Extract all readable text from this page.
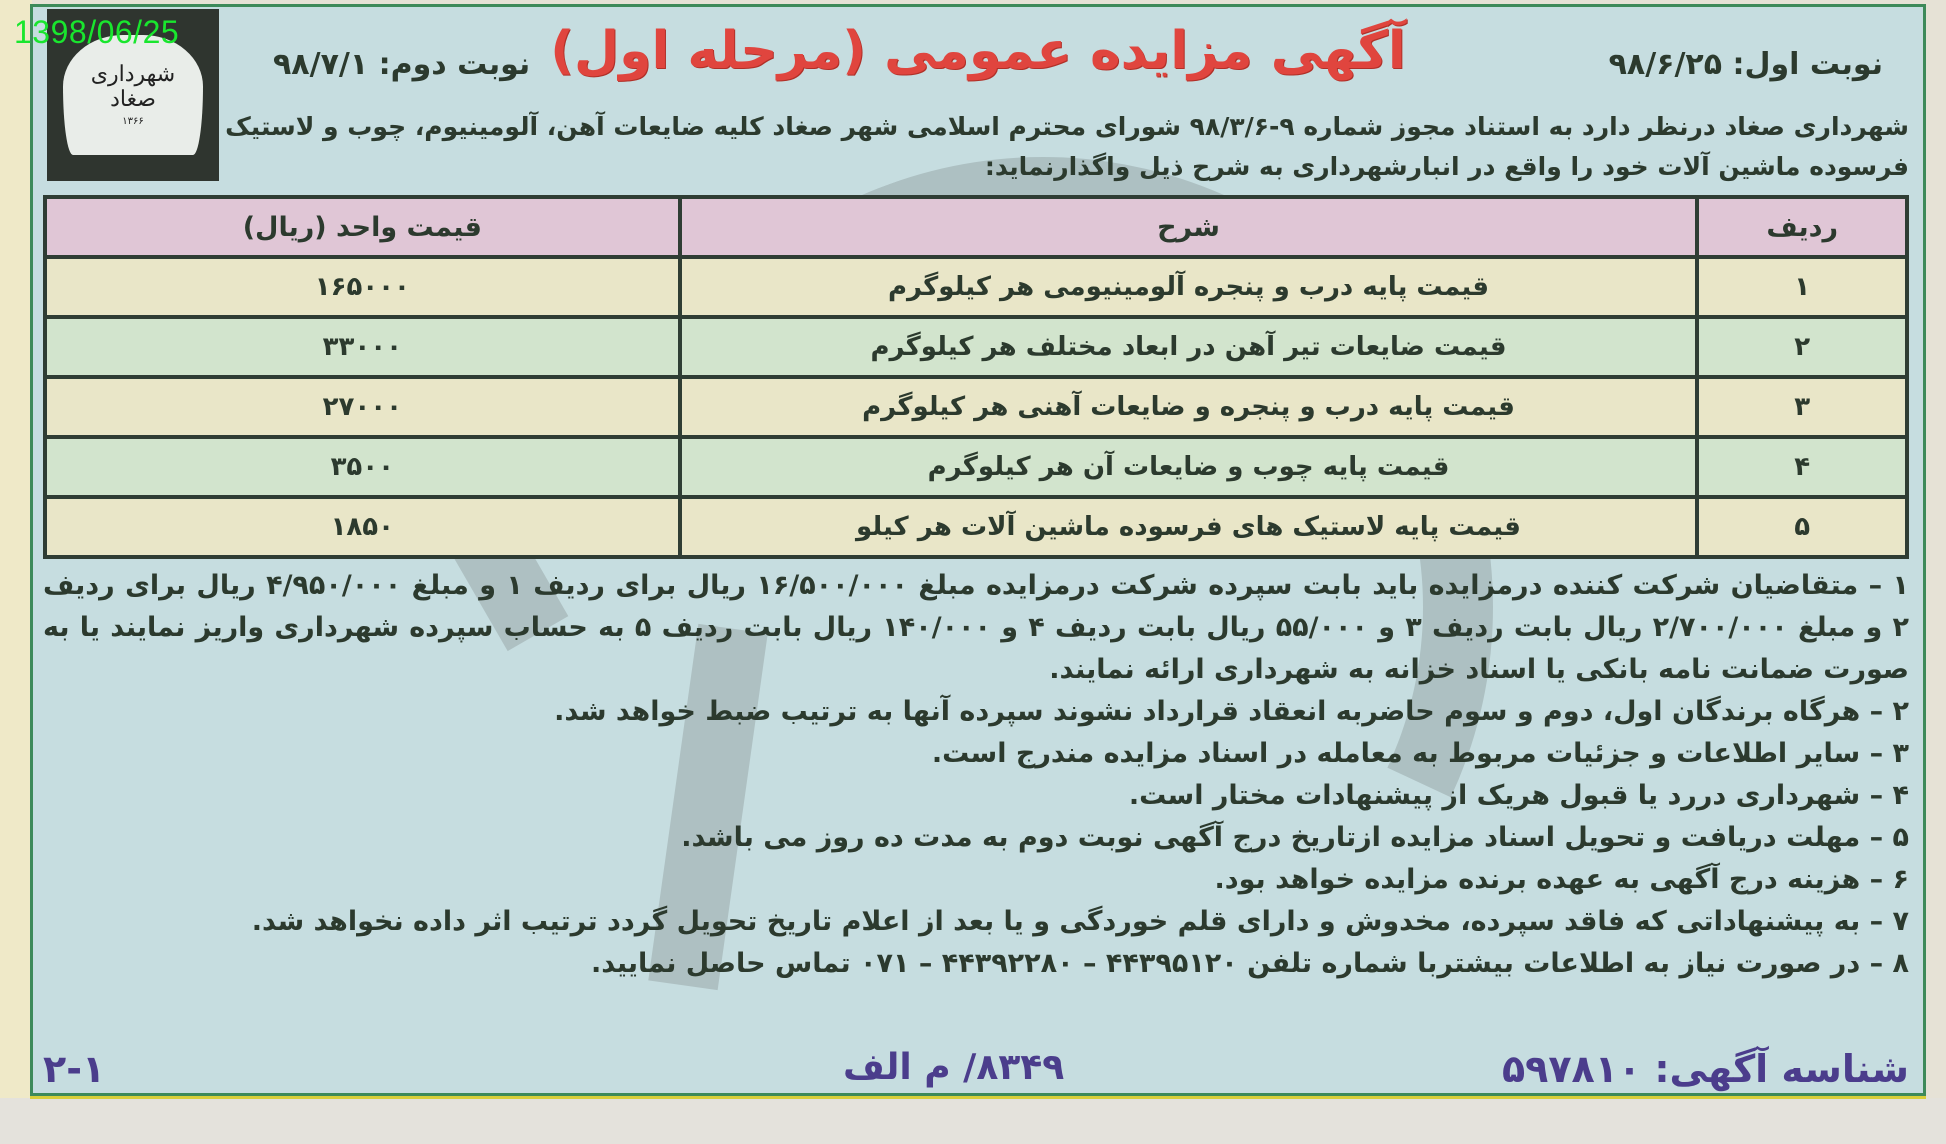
شهرداری
صغاد
۱۳۶۶
نوبت اول: ۹۸/۶/۲۵
آگهی مزایده عمومی (مرحله اول)
نوبت دوم: ۹۸/۷/۱
شهرداری صغاد درنظر دارد به استناد مجوز شماره ۹-۹۸/۳/۶ شورای محترم اسلامی شهر صغاد کلیه ضایعات آهن، آلومینیوم، چوب و لاستیک فرسوده ماشین آلات خود را واقع در انبارشهرداری به شرح ذیل واگذارنماید:
ردیف	شرح	قیمت واحد (ریال)
۱	قیمت پایه درب و پنجره آلومینیومی هر کیلوگرم	۱۶۵۰۰۰
۲	قیمت ضایعات تیر آهن در ابعاد مختلف هر کیلوگرم	۳۳۰۰۰
۳	قیمت پایه درب و پنجره و ضایعات آهنی هر کیلوگرم	۲۷۰۰۰
۴	قیمت پایه چوب و ضایعات آن هر کیلوگرم	۳۵۰۰
۵	قیمت پایه لاستیک های فرسوده ماشین آلات هر کیلو	۱۸۵۰

۱ – متقاضیان شرکت کننده درمزایده باید بابت سپرده شرکت درمزایده مبلغ ۱۶/۵۰۰/۰۰۰ ریال برای ردیف ۱ و مبلغ ۴/۹۵۰/۰۰۰ ریال برای ردیف ۲ و مبلغ ۲/۷۰۰/۰۰۰ ریال بابت ردیف ۳ و ۵۵/۰۰۰ ریال بابت ردیف ۴ و ۱۴۰/۰۰۰ ریال بابت ردیف ۵ به حساب سپرده شهرداری واریز نمایند یا به صورت ضمانت نامه بانکی یا اسناد خزانه به شهرداری ارائه نمایند.

۲ – هرگاه برندگان اول، دوم و سوم حاضربه انعقاد قرارداد نشوند سپرده آنها به ترتیب ضبط خواهد شد.

۳ – سایر اطلاعات و جزئیات مربوط به معامله در اسناد مزایده مندرج است.

۴ – شهرداری دررد یا قبول هریک از پیشنهادات مختار است.

۵ – مهلت دریافت و تحویل اسناد مزایده ازتاریخ درج آگهی نوبت دوم به مدت ده روز می باشد.

۶ – هزینه درج آگهی به عهده برنده مزایده خواهد بود.

۷ – به پیشنهاداتی که فاقد سپرده، مخدوش و دارای قلم خوردگی و یا بعد از اعلام تاریخ تحویل گردد ترتیب اثر داده نخواهد شد.

۸ – در صورت نیاز به اطلاعات بیشتربا شماره تلفن ۴۴۳۹۵۱۲۰ – ۴۴۳۹۲۲۸۰ – ۰۷۱ تماس حاصل نمایید.

شناسه آگهی: ۵۹۷۸۱۰
۸۳۴۹/ م الف
۲-۱
1398/06/25
